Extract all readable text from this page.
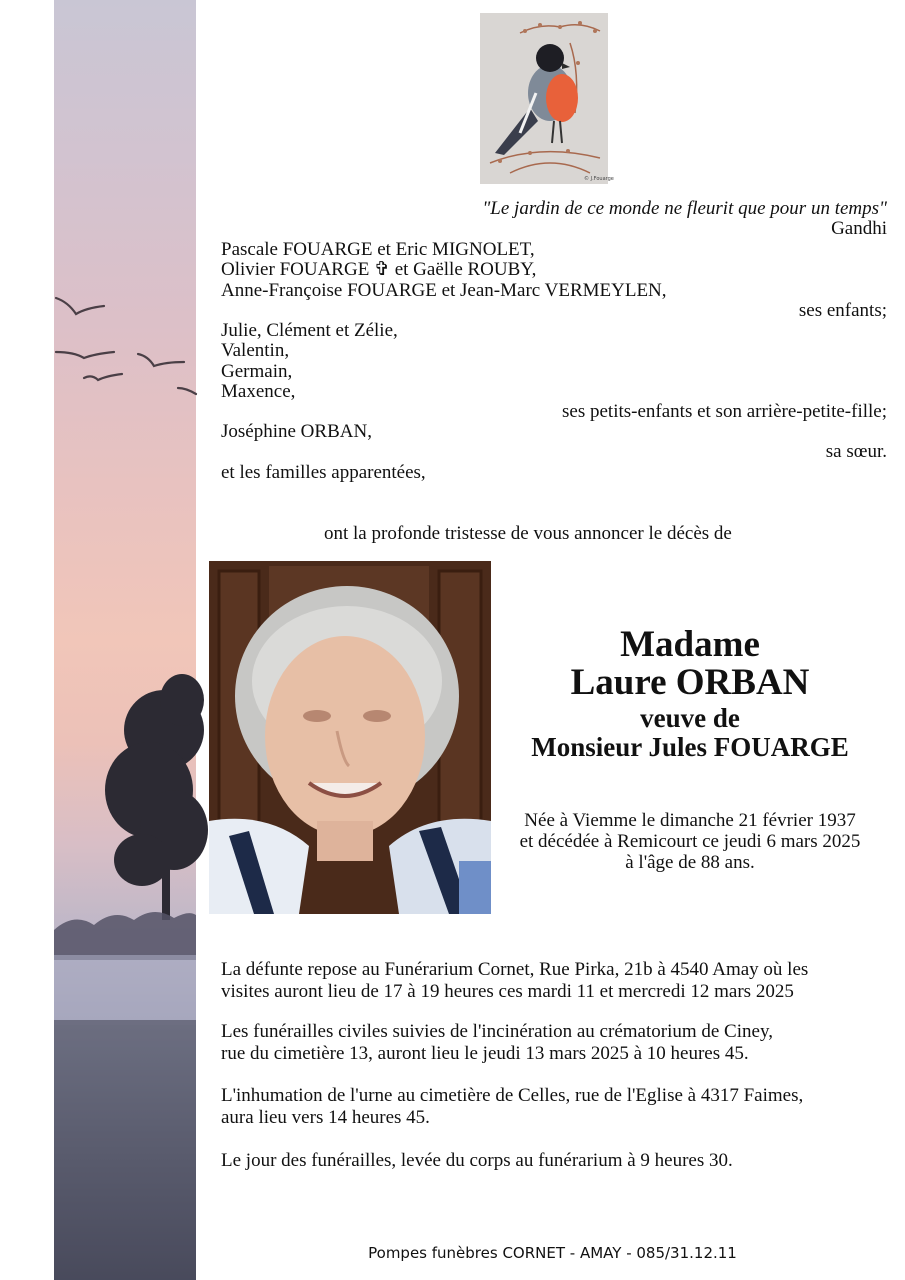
© J.Fouarge
"Le jardin de ce monde ne fleurit que pour un temps"
Gandhi
Pascale FOUARGE et Eric MIGNOLET,
Olivier FOUARGE ✞ et Gaëlle ROUBY,
Anne-Françoise FOUARGE et Jean-Marc VERMEYLEN,
ses enfants;
Julie, Clément et Zélie,
Valentin,
Germain,
Maxence,
ses petits-enfants et son arrière-petite-fille;
Joséphine ORBAN,
sa sœur.
et les familles apparentées,
ont la profonde tristesse de vous annoncer le décès de
Madame
Laure ORBAN
veuve de
Monsieur Jules FOUARGE
Née à Viemme le dimanche 21 février 1937
et décédée à Remicourt ce jeudi 6 mars 2025
à l'âge de 88 ans.
La défunte repose au Funérarium Cornet, Rue Pirka, 21b à 4540 Amay où les
visites auront lieu de 17 à 19 heures ces mardi 11 et mercredi 12 mars 2025
Les funérailles civiles suivies de l'incinération au crématorium de Ciney,
rue du cimetière 13, auront lieu le jeudi 13 mars 2025 à 10 heures 45.
L'inhumation de l'urne au cimetière de Celles, rue de l'Eglise à 4317 Faimes,
aura lieu vers 14 heures 45.
Le jour des funérailles, levée du corps au funérarium à 9 heures 30.
Pompes funèbres CORNET - AMAY - 085/31.12.11
